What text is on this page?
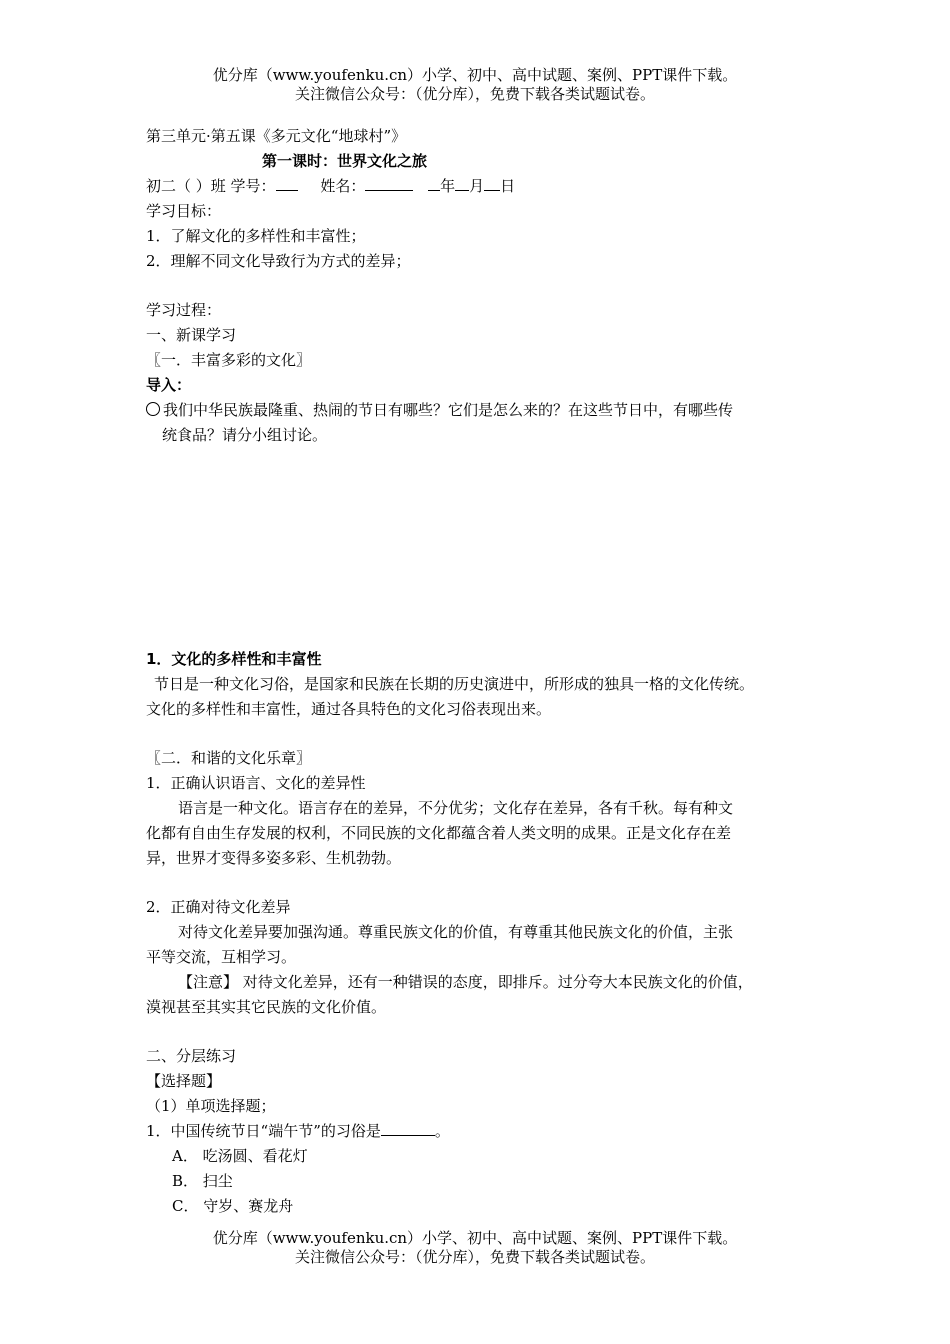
优分库（www.youfenku.cn）小学、初中、高中试题、案例、PPT课件下载。
关注微信公众号：（优分库），免费下载各类试题试卷。
第三单元·第五课《多元文化“地球村”》
第一课时：世界文化之旅
初二（ ）班 学号：	姓名：	年 月 日
学习目标：
1．了解文化的多样性和丰富性；
2．理解不同文化导致行为方式的差异；
学习过程：
一、新课学习
〖一．丰富多彩的文化〗
导入：
我们中华民族最隆重、热闹的节日有哪些？它们是怎么来的？在这些节日中，有哪些传
统食品？请分小组讨论。
1．文化的多样性和丰富性
节日是一种文化习俗，是国家和民族在长期的历史演进中，所形成的独具一格的文化传统。
文化的多样性和丰富性，通过各具特色的文化习俗表现出来。
〖二．和谐的文化乐章〗
1．正确认识语言、文化的差异性
语言是一种文化。语言存在的差异，不分优劣；文化存在差异，各有千秋。每有种文
化都有自由生存发展的权利，不同民族的文化都蕴含着人类文明的成果。正是文化存在差
异，世界才变得多姿多彩、生机勃勃。
2．正确对待文化差异
对待文化差异要加强沟通。尊重民族文化的价值，有尊重其他民族文化的价值，主张
平等交流，互相学习。
【注意】 对待文化差异，还有一种错误的态度，即排斥。过分夸大本民族文化的价值，
漠视甚至其实其它民族的文化价值。
二、分层练习
【选择题】
（1）单项选择题；
1．中国传统节日“端午节”的习俗是	。
A． 吃汤圆、看花灯
B． 扫尘
C． 守岁、赛龙舟
优分库（www.youfenku.cn）小学、初中、高中试题、案例、PPT课件下载。
关注微信公众号：（优分库），免费下载各类试题试卷。
